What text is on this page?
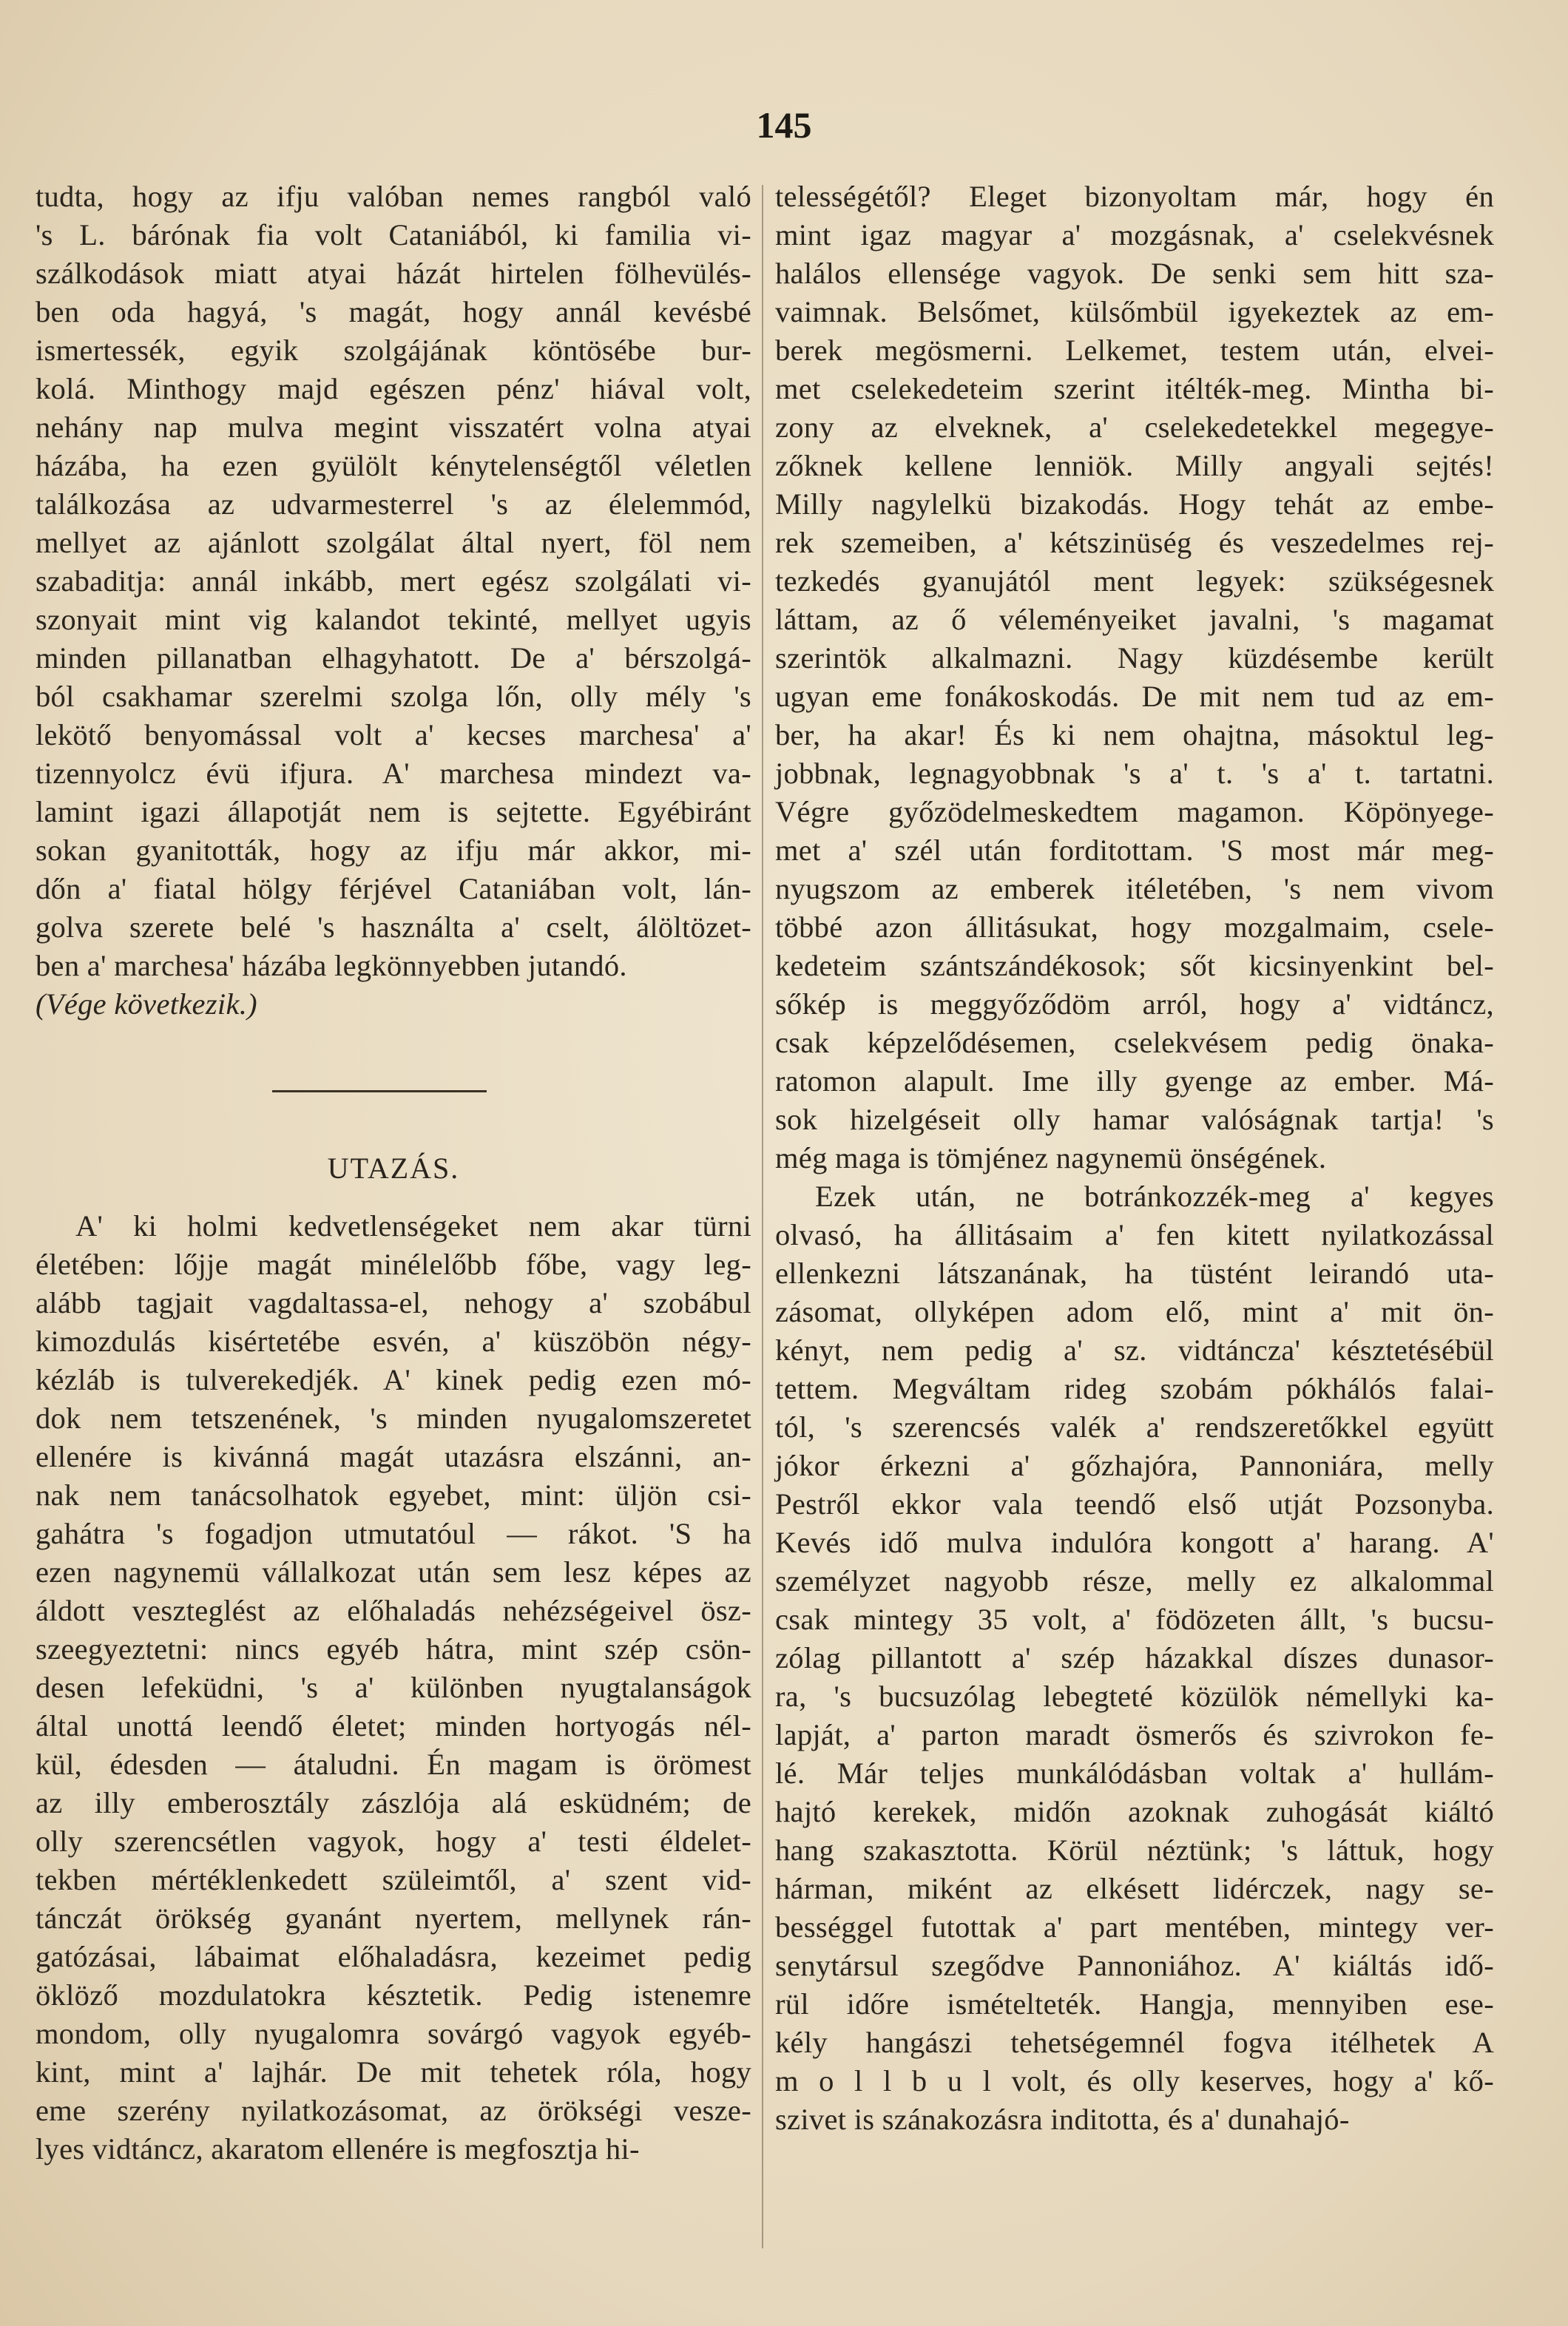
145
tudta, hogy az ifju valóban nemes rangból való
's L. bárónak fia volt Cataniából, ki familia vi-
szálkodások miatt atyai házát hirtelen fölhevülés-
ben oda hagyá, 's magát, hogy annál kevésbé
ismertessék, egyik szolgájának köntösébe bur-
kolá. Minthogy majd egészen pénz' hiával volt,
nehány nap mulva megint visszatért volna atyai
házába, ha ezen gyülölt kénytelenségtől véletlen
találkozása az udvarmesterrel 's az élelemmód,
mellyet az ajánlott szolgálat által nyert, föl nem
szabaditja: annál inkább, mert egész szolgálati vi-
szonyait mint vig kalandot tekinté, mellyet ugyis
minden pillanatban elhagyhatott. De a' bérszolgá-
ból csakhamar szerelmi szolga lőn, olly mély 's
lekötő benyomással volt a' kecses marchesa' a'
tizennyolcz évü ifjura. A' marchesa mindezt va-
lamint igazi állapotját nem is sejtette. Egyébiránt
sokan gyanitották, hogy az ifju már akkor, mi-
dőn a' fiatal hölgy férjével Cataniában volt, lán-
golva szerete belé 's használta a' cselt, álöltözet-
ben a' marchesa' házába legkönnyebben jutandó.
(Vége következik.)
UTAZÁS.
A' ki holmi kedvetlenségeket nem akar türni
életében: lőjje magát minélelőbb főbe, vagy leg-
alább tagjait vagdaltassa-el, nehogy a' szobábul
kimozdulás kisértetébe esvén, a' küszöbön négy-
kézláb is tulverekedjék. A' kinek pedig ezen mó-
dok nem tetszenének, 's minden nyugalomszeretet
ellenére is kivánná magát utazásra elszánni, an-
nak nem tanácsolhatok egyebet, mint: üljön csi-
gahátra 's fogadjon utmutatóul — rákot. 'S ha
ezen nagynemü vállalkozat után sem lesz képes az
áldott veszteglést az előhaladás nehézségeivel ösz-
szeegyeztetni: nincs egyéb hátra, mint szép csön-
desen lefeküdni, 's a' különben nyugtalanságok
által unottá leendő életet; minden hortyogás nél-
kül, édesden — átaludni. Én magam is örömest
az illy emberosztály zászlója alá esküdném; de
olly szerencsétlen vagyok, hogy a' testi éldelet-
tekben mértéklenkedett szüleimtől, a' szent vid-
tánczát örökség gyanánt nyertem, mellynek rán-
gatózásai, lábaimat előhaladásra, kezeimet pedig
öklöző mozdulatokra késztetik. Pedig istenemre
mondom, olly nyugalomra sovárgó vagyok egyéb-
kint, mint a' lajhár. De mit tehetek róla, hogy
eme szerény nyilatkozásomat, az örökségi vesze-
lyes vidtáncz, akaratom ellenére is megfosztja hi-
telességétől? Eleget bizonyoltam már, hogy én
mint igaz magyar a' mozgásnak, a' cselekvésnek
halálos ellensége vagyok. De senki sem hitt sza-
vaimnak. Belsőmet, külsőmbül igyekeztek az em-
berek megösmerni. Lelkemet, testem után, elvei-
met cselekedeteim szerint itélték-meg. Mintha bi-
zony az elveknek, a' cselekedetekkel megegye-
zőknek kellene lenniök. Milly angyali sejtés!
Milly nagylelkü bizakodás. Hogy tehát az embe-
rek szemeiben, a' kétszinüség és veszedelmes rej-
tezkedés gyanujától ment legyek: szükségesnek
láttam, az ő véleményeiket javalni, 's magamat
szerintök alkalmazni. Nagy küzdésembe került
ugyan eme fonákoskodás. De mit nem tud az em-
ber, ha akar! És ki nem ohajtna, másoktul leg-
jobbnak, legnagyobbnak 's a' t. 's a' t. tartatni.
Végre győzödelmeskedtem magamon. Köpönyege-
met a' szél után forditottam. 'S most már meg-
nyugszom az emberek itéletében, 's nem vivom
többé azon állitásukat, hogy mozgalmaim, csele-
kedeteim szántszándékosok; sőt kicsinyenkint bel-
sőkép is meggyőződöm arról, hogy a' vidtáncz,
csak képzelődésemen, cselekvésem pedig önaka-
ratomon alapult. Ime illy gyenge az ember. Má-
sok hizelgéseit olly hamar valóságnak tartja! 's
még maga is tömjénez nagynemü önségének.
Ezek után, ne botránkozzék-meg a' kegyes
olvasó, ha állitásaim a' fen kitett nyilatkozással
ellenkezni látszanának, ha tüstént leirandó uta-
zásomat, ollyképen adom elő, mint a' mit ön-
kényt, nem pedig a' sz. vidtáncza' késztetésébül
tettem. Megváltam rideg szobám pókhálós falai-
tól, 's szerencsés valék a' rendszeretőkkel együtt
jókor érkezni a' gőzhajóra, Pannoniára, melly
Pestről ekkor vala teendő első utját Pozsonyba.
Kevés idő mulva indulóra kongott a' harang. A'
személyzet nagyobb része, melly ez alkalommal
csak mintegy 35 volt, a' födözeten állt, 's bucsu-
zólag pillantott a' szép házakkal díszes dunasor-
ra, 's bucsuzólag lebegteté közülök némellyki ka-
lapját, a' parton maradt ösmerős és szivrokon fe-
lé. Már teljes munkálódásban voltak a' hullám-
hajtó kerekek, midőn azoknak zuhogását kiáltó
hang szakasztotta. Körül néztünk; 's láttuk, hogy
hárman, miként az elkésett lidérczek, nagy se-
bességgel futottak a' part mentében, mintegy ver-
senytársul szegődve Pannoniához. A' kiáltás idő-
rül időre ismételteték. Hangja, mennyiben ese-
kély hangászi tehetségemnél fogva itélhetek A
m o l l b u l volt, és olly keserves, hogy a' kő-
szivet is szánakozásra inditotta, és a' dunahajó-
